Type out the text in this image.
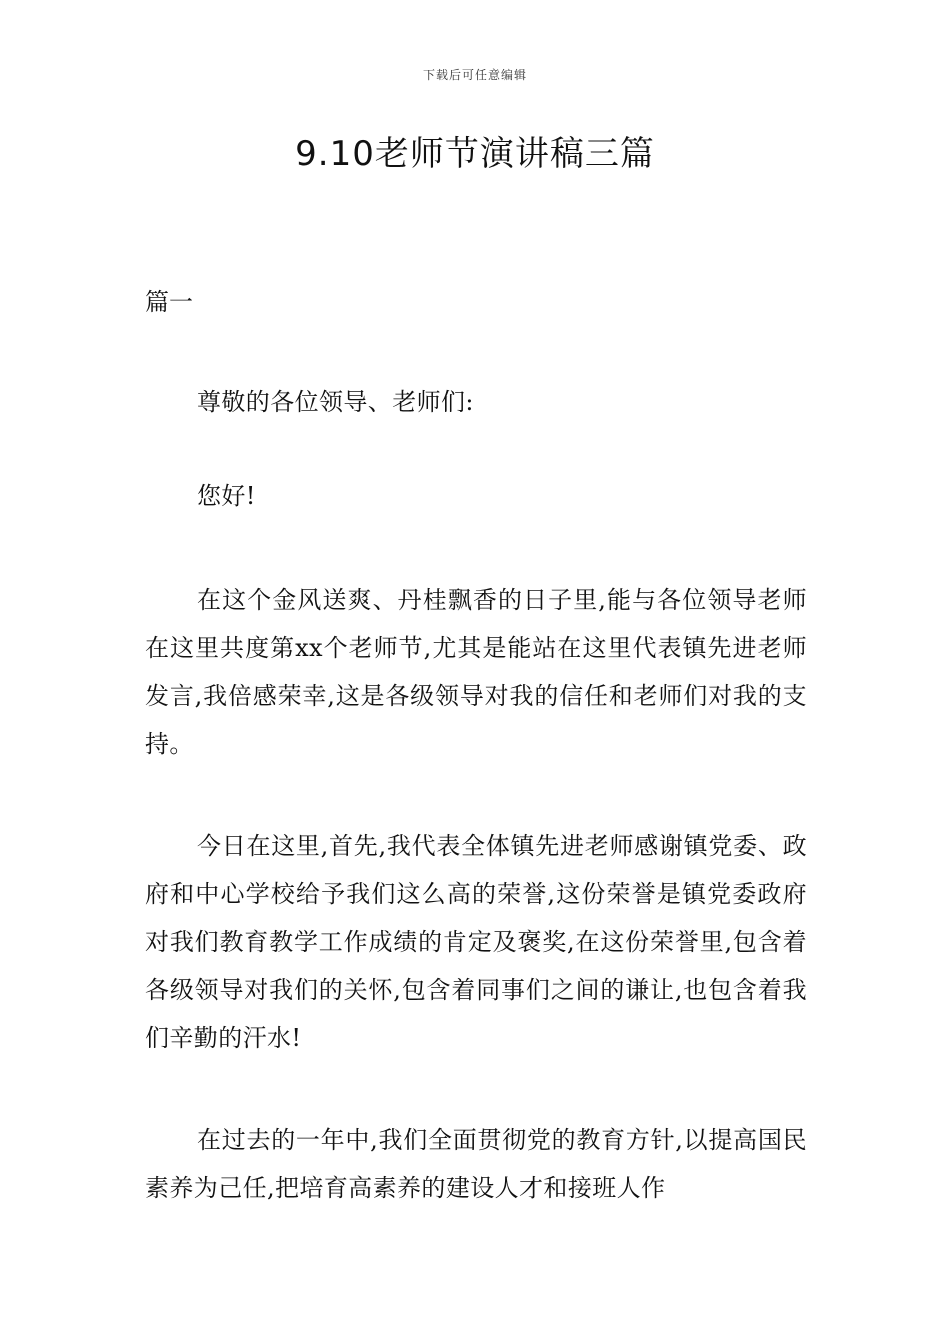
下载后可任意编辑
9.10老师节演讲稿三篇

篇一

尊敬的各位领导、老师们:

您好!

在这个金风送爽、丹桂飘香的日子里,能与各位领导老师在这里共度第xx个老师节,尤其是能站在这里代表镇先进老师发言,我倍感荣幸,这是各级领导对我的信任和老师们对我的支持。

今日在这里,首先,我代表全体镇先进老师感谢镇党委、政府和中心学校给予我们这么高的荣誉,这份荣誉是镇党委政府对我们教育教学工作成绩的肯定及褒奖,在这份荣誉里,包含着各级领导对我们的关怀,包含着同事们之间的谦让,也包含着我们辛勤的汗水!

在过去的一年中,我们全面贯彻党的教育方针,以提高国民素养为己任,把培育高素养的建设人才和接班人作
